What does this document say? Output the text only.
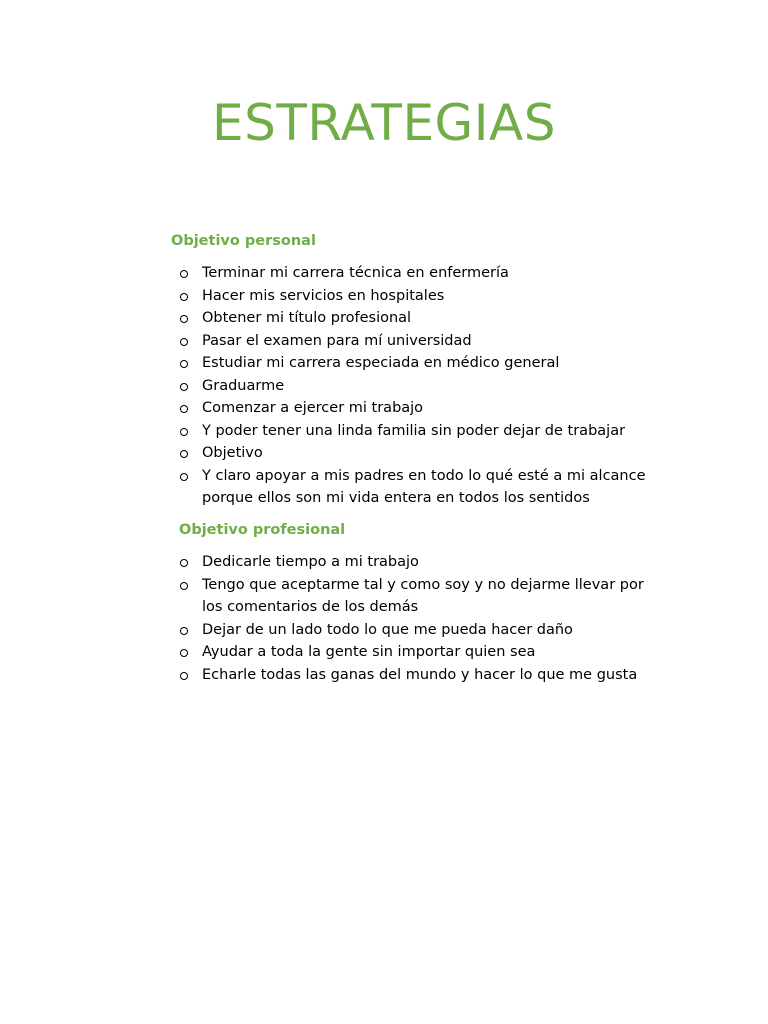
ESTRATEGIAS
Objetivo personal
Terminar mi carrera técnica en enfermería
Hacer mis servicios en hospitales
Obtener mi título profesional
Pasar el examen para mí universidad
Estudiar mi carrera especiada en médico general
Graduarme
Comenzar a ejercer mi trabajo
Y poder tener una linda familia sin poder dejar de trabajar
Objetivo
Y claro apoyar a mis padres en todo lo qué esté a mi alcance porque ellos son mi vida entera en todos los sentidos
Objetivo profesional
Dedicarle tiempo a mi trabajo
Tengo que aceptarme tal y como soy y no dejarme llevar por los comentarios de los demás
Dejar de un lado todo lo que me pueda hacer daño
Ayudar a toda la gente sin importar quien sea
Echarle todas las ganas del mundo y hacer lo que me gusta
